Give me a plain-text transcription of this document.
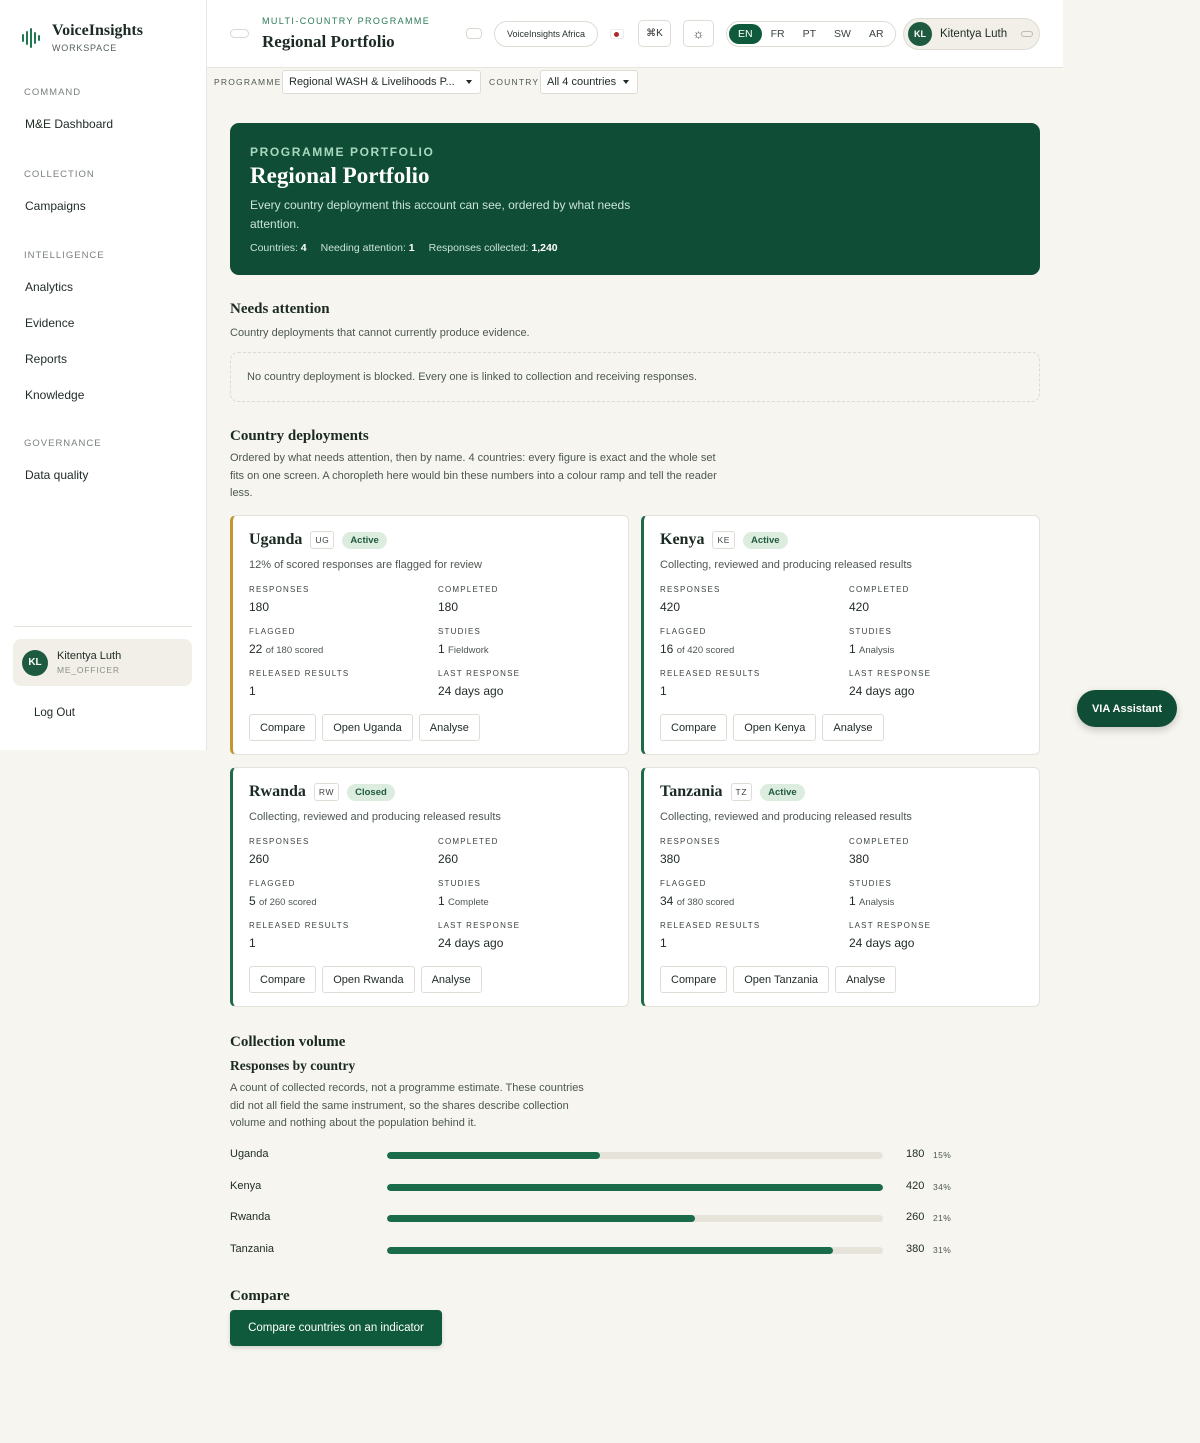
VoiceInsights
WORKSPACE
COMMAND
M&E Dashboard
COLLECTION
Campaigns
INTELLIGENCE
Analytics
Evidence
Reports
Knowledge
GOVERNANCE
Data quality
KL
Kitentya Luth
ME_OFFICER
Log Out
MULTI-COUNTRY PROGRAMME
Regional Portfolio	VoiceInsights Africa	⌘K	☼	EN	FR	PT	SW	AR	KL	Kitentya Luth
PROGRAMME Regional WASH & Livelihoods P...	COUNTRY All 4 countries
PROGRAMME PORTFOLIO
Regional Portfolio
Every country deployment this account can see, ordered by what needs attention.
Countries: 4 Needing attention: 1 Responses collected: 1,240
Needs attention
Country deployments that cannot currently produce evidence.
No country deployment is blocked. Every one is linked to collection and receiving responses.
Country deployments
Ordered by what needs attention, then by name. 4 countries: every figure is exact and the whole set fits on one screen. A choropleth here would bin these numbers into a colour ramp and tell the reader less.
Uganda	UG	Active
12% of scored responses are flagged for review
RESPONSES
180
COMPLETED
180
FLAGGED
22 of 180 scored
STUDIES
1 Fieldwork
RELEASED RESULTS
1
LAST RESPONSE
24 days ago
Compare	Open Uganda	Analyse
Kenya	KE	Active
Collecting, reviewed and producing released results
RESPONSES
420
COMPLETED
420
FLAGGED
16 of 420 scored
STUDIES
1 Analysis
RELEASED RESULTS
1
LAST RESPONSE
24 days ago
Compare	Open Kenya	Analyse
Rwanda	RW	Closed
Collecting, reviewed and producing released results
RESPONSES
260
COMPLETED
260
FLAGGED
5 of 260 scored
STUDIES
1 Complete
RELEASED RESULTS
1
LAST RESPONSE
24 days ago
Compare	Open Rwanda	Analyse
Tanzania	TZ	Active
Collecting, reviewed and producing released results
RESPONSES
380
COMPLETED
380
FLAGGED
34 of 380 scored
STUDIES
1 Analysis
RELEASED RESULTS
1
LAST RESPONSE
24 days ago
Compare	Open Tanzania	Analyse
Collection volume
Responses by country
A count of collected records, not a programme estimate. These countries did not all field the same instrument, so the shares describe collection volume and nothing about the population behind it.
Uganda	180 15%
Kenya	420 34%
Rwanda	260 21%
Tanzania	380 31%
Compare
Compare countries on an indicator
VIA Assistant
